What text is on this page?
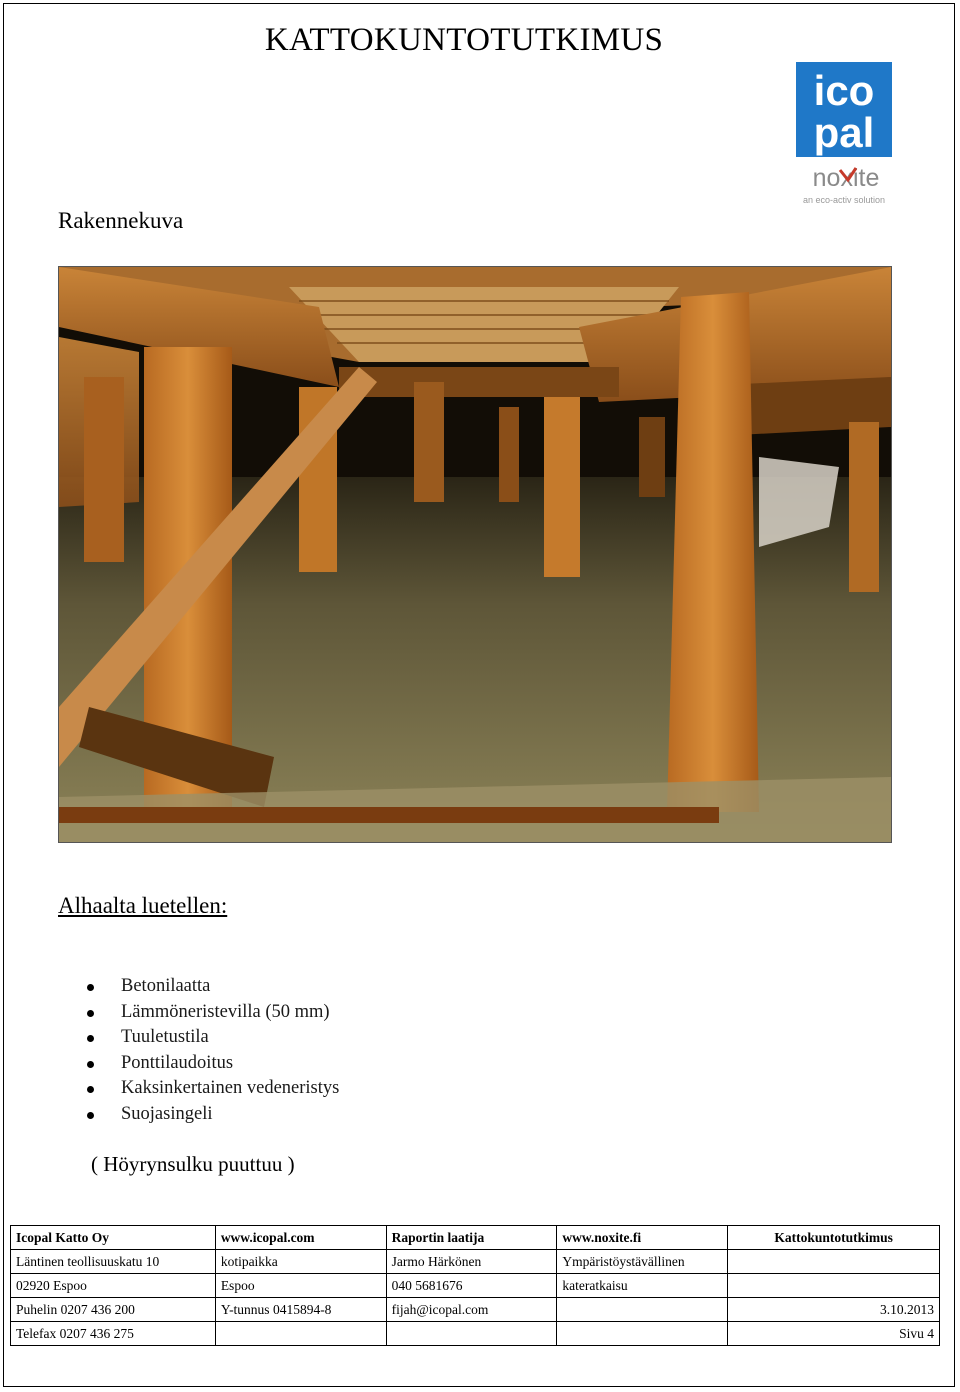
KATTOKUNTOTUTKIMUS
ico
pal
noxite
an eco-activ solution
Rakennekuva
Alhaalta luetellen:
Betonilaatta
Lämmöneristevilla (50 mm)
Tuuletustila
Ponttilaudoitus
Kaksinkertainen vedeneristys
Suojasingeli
( Höyrynsulku puuttuu )
Icopal Katto Oy	www.icopal.com	Raportin laatija	www.noxite.fi	Kattokuntotutkimus
Läntinen teollisuuskatu 10	kotipaikka	Jarmo Härkönen	Ympäristöystävällinen	
02920 Espoo	Espoo	040 5681676	kateratkaisu	
Puhelin 0207 436 200	Y-tunnus 0415894-8	fijah@icopal.com		3.10.2013
Telefax 0207 436 275				Sivu 4
